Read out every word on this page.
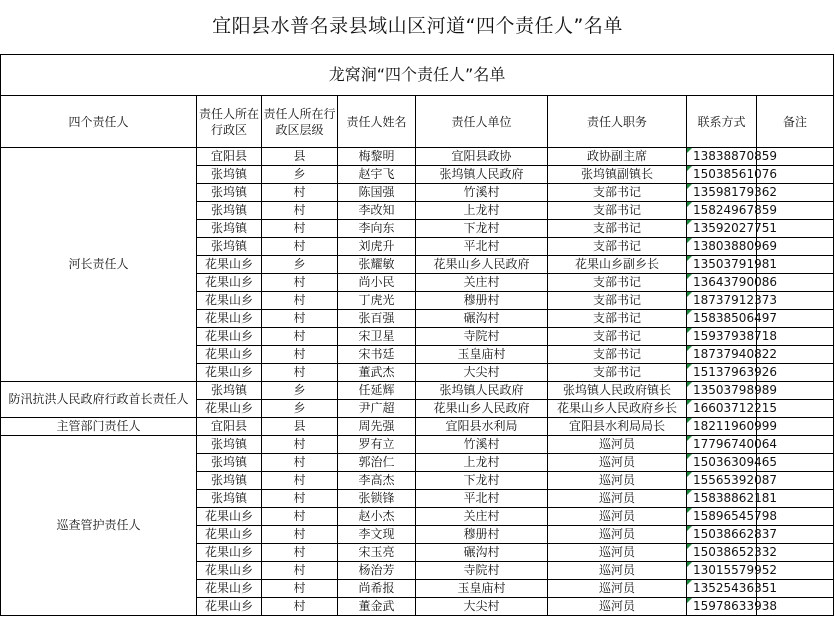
宜阳县水普名录县域山区河道“四个责任人”名单
龙窝涧“四个责任人”名单							
四个责任人	责任人所在行政区	责任人所在行政区层级	责任人姓名	责任人单位	责任人职务	联系方式	备注
河长责任人	宜阳县	县	梅黎明	宜阳县政协	政协副主席	13838870859	
	张坞镇	乡	赵宇飞	张坞镇人民政府	张坞镇副镇长	15038561076	
	张坞镇	村	陈国强	竹溪村	支部书记	13598179362	
	张坞镇	村	李改知	上龙村	支部书记	15824967859	
	张坞镇	村	李向东	下龙村	支部书记	13592027751	
	张坞镇	村	刘虎升	平北村	支部书记	13803880969	
	花果山乡	乡	张耀敏	花果山乡人民政府	花果山乡副乡长	13503791981	
	花果山乡	村	尚小民	关庄村	支部书记	13643790086	
	花果山乡	村	丁虎光	穆册村	支部书记	18737912373	
	花果山乡	村	张百强	碾沟村	支部书记	15838506497	
	花果山乡	村	宋卫星	寺院村	支部书记	15937938718	
	花果山乡	村	宋书廷	玉皇庙村	支部书记	18737940822	
	花果山乡	村	董武杰	大尖村	支部书记	15137963926	
防汛抗洪人民政府行政首长责任人	张坞镇	乡	任延辉	张坞镇人民政府	张坞镇人民政府镇长	13503798989	
	花果山乡	乡	尹广超	花果山乡人民政府	花果山乡人民政府乡长	16603712215	
主管部门责任人	宜阳县	县	周先强	宜阳县水利局	宜阳县水利局局长	18211960999	
巡查管护责任人	张坞镇	村	罗有立	竹溪村	巡河员	17796740064	
	张坞镇	村	郭治仁	上龙村	巡河员	15036309465	
	张坞镇	村	李高杰	下龙村	巡河员	15565392087	
	张坞镇	村	张锁锋	平北村	巡河员	15838862181	
	花果山乡	村	赵小杰	关庄村	巡河员	15896545798	
	花果山乡	村	李文现	穆册村	巡河员	15038662837	
	花果山乡	村	宋玉亮	碾沟村	巡河员	15038652332	
	花果山乡	村	杨治芳	寺院村	巡河员	13015579952	
	花果山乡	村	尚希报	玉皇庙村	巡河员	13525436351	
	花果山乡	村	董金武	大尖村	巡河员	15978633938	
